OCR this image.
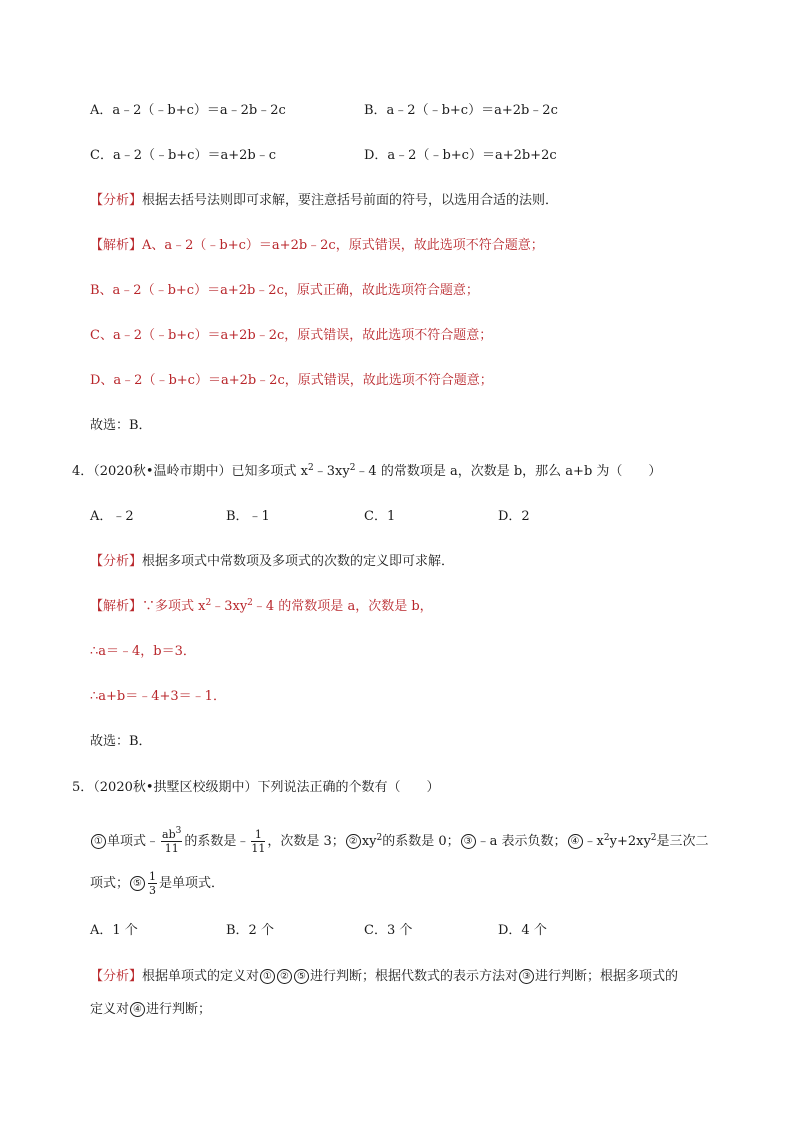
A．a﹣2（﹣b+c）＝a﹣2b﹣2c	B．a﹣2（﹣b+c）＝a+2b﹣2c
C．a﹣2（﹣b+c）＝a+2b﹣c	D．a﹣2（﹣b+c）＝a+2b+2c
【分析】根据去括号法则即可求解，要注意括号前面的符号，以选用合适的法则．
【解析】A、a﹣2（﹣b+c）＝a+2b﹣2c，原式错误，故此选项不符合题意；
B、a﹣2（﹣b+c）＝a+2b﹣2c，原式正确，故此选项符合题意；
C、a﹣2（﹣b+c）＝a+2b﹣2c，原式错误，故此选项不符合题意；
D、a﹣2（﹣b+c）＝a+2b﹣2c，原式错误，故此选项不符合题意；
故选：B．
4．（2020秋•温岭市期中）已知多项式 $x^2﹣3xy^2﹣4$ 的常数项是 a，次数是 b，那么 a+b 为（　　）
A．﹣2	B．﹣1	C．1	D．2
【分析】根据多项式中常数项及多项式的次数的定义即可求解．
【解析】∵多项式 $x^2﹣3xy^2﹣4$ 的常数项是 a，次数是 b，
∴a＝﹣4，b＝3．
∴a+b＝﹣4+3＝﹣1．
故选：B．
5．（2020秋•拱墅区校级期中）下列说法正确的个数有（　　）
① 单项式﹣ $\frac{ab^3}{11}$ 的系数是﹣ $\frac{1}{11}$ ，次数是 3； ② $xy^2$的系数是 0； ③ ﹣a 表示负数； ④ $﹣x^2y+2xy^2$是三次二
项式； ⑤ $\frac{1}{3}$ 是单项式．
A．1 个	B．2 个	C．3 个	D．4 个
【分析】根据单项式的定义对 ① ② ⑤ 进行判断；根据代数式的表示方法对 ③ 进行判断；根据多项式的
定义对 ④ 进行判断；
